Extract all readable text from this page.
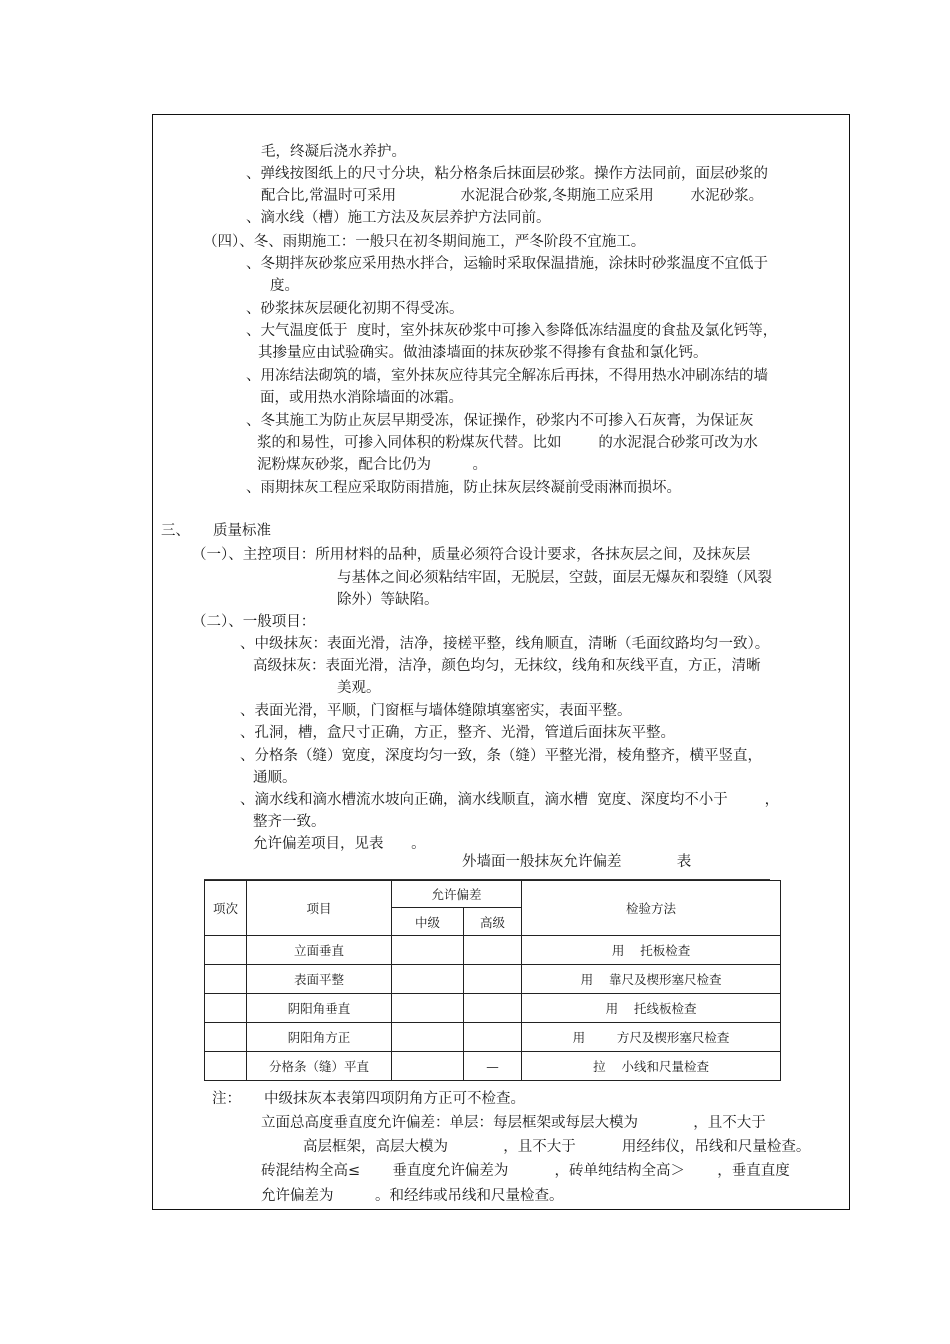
毛，终凝后浇水养护。
、弹线按图纸上的尺寸分块，粘分格条后抹面层砂浆。操作方法同前，面层砂浆的
配合比,常温时可采用              水泥混合砂浆,冬期施工应采用        水泥砂浆。
、滴水线（槽）施工方法及灰层养护方法同前。
（四）、冬、雨期施工：一般只在初冬期间施工，严冬阶段不宜施工。
、冬期拌灰砂浆应采用热水拌合，运输时采取保温措施，涂抹时砂浆温度不宜低于
度。
、砂浆抹灰层硬化初期不得受冻。
、大气温度低于  度时，室外抹灰砂浆中可掺入参降低冻结温度的食盐及氯化钙等，
其掺量应由试验确实。做油漆墙面的抹灰砂浆不得掺有食盐和氯化钙。
、用冻结法砌筑的墙，室外抹灰应待其完全解冻后再抹，不得用热水冲刷冻结的墙
面，或用热水消除墙面的冰霜。
、冬其施工为防止灰层早期受冻，保证操作，砂浆内不可掺入石灰膏，为保证灰
浆的和易性，可掺入同体积的粉煤灰代替。比如        的水泥混合砂浆可改为水
泥粉煤灰砂浆，配合比仍为         。
、雨期抹灰工程应采取防雨措施，防止抹灰层终凝前受雨淋而损坏。
三、     质量标准
（一）、主控项目：所用材料的品种，质量必须符合设计要求，各抹灰层之间，及抹灰层
与基体之间必须粘结牢固，无脱层，空鼓，面层无爆灰和裂缝（风裂
除外）等缺陷。
（二）、一般项目：
、中级抹灰：表面光滑，洁净，接槎平整，线角顺直，清晰（毛面纹路均匀一致）。
高级抹灰：表面光滑，洁净，颜色均匀，无抹纹，线角和灰线平直，方正，清晰
美观。
、表面光滑，平顺，门窗框与墙体缝隙填塞密实，表面平整。
、孔洞，槽，盒尺寸正确，方正，整齐、光滑，管道后面抹灰平整。
、分格条（缝）宽度，深度均匀一致，条（缝）平整光滑，棱角整齐，横平竖直，
通顺。
、滴水线和滴水槽流水坡向正确，滴水线顺直，滴水槽  宽度、深度均不小于        ，
整齐一致。
允许偏差项目，见表      。
外墙面一般抹灰允许偏差            表
注：     中级抹灰本表第四项阴角方正可不检查。
立面总高度垂直度允许偏差：单层：每层框架或每层大模为            ，且不大于
高层框架，高层大模为            ，且不大于          用经纬仪，吊线和尺量检查。
砖混结构全高≤       垂直度允许偏差为          ，砖单纯结构全高＞       ，垂直直度
允许偏差为         。和经纬或吊线和尺量检查。
项次	项目	允许偏差		检验方法
		中级	高级	
	立面垂直			用    托板检查
	表面平整			用    靠尺及楔形塞尺检查
	阴阳角垂直			用    托线板检查
	阴阳角方正			用        方尺及楔形塞尺检查
	分格条（缝）平直		—	拉    小线和尺量检查
